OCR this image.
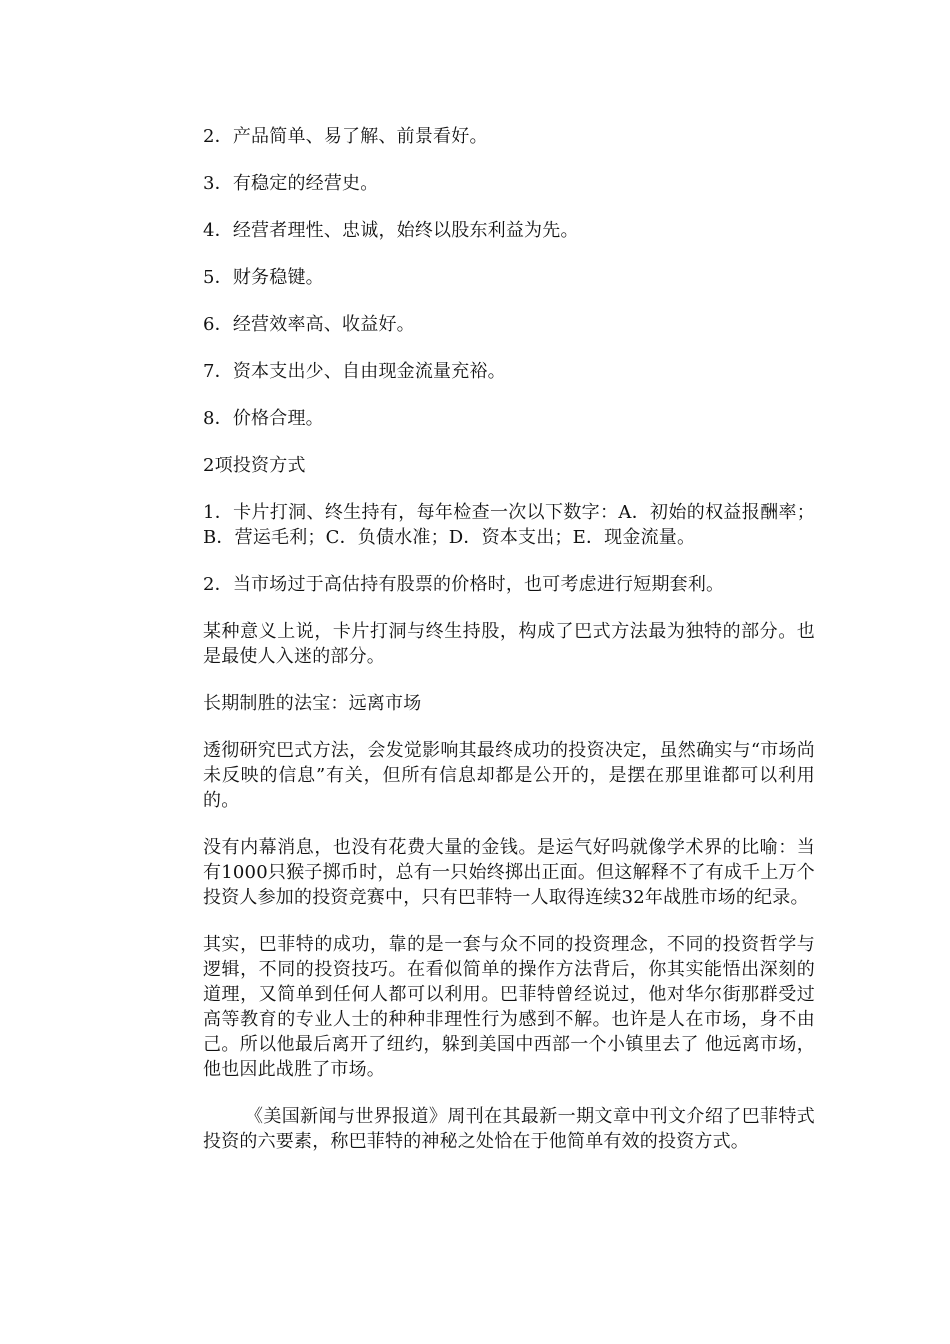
2．产品简单、易了解、前景看好。

3．有稳定的经营史。

4．经营者理性、忠诚，始终以股东利益为先。

5．财务稳键。

6．经营效率高、收益好。

7．资本支出少、自由现金流量充裕。

8．价格合理。

2项投资方式

1．卡片打洞、终生持有，每年检查一次以下数字：A．初始的权益报酬率；B．营运毛利；C．负债水准；D．资本支出；E．现金流量。

2．当市场过于高估持有股票的价格时，也可考虑进行短期套利。

某种意义上说，卡片打洞与终生持股，构成了巴式方法最为独特的部分。也是最使人入迷的部分。

长期制胜的法宝：远离市场

透彻研究巴式方法，会发觉影响其最终成功的投资决定，虽然确实与“市场尚未反映的信息”有关，但所有信息却都是公开的，是摆在那里谁都可以利用的。

没有内幕消息，也没有花费大量的金钱。是运气好吗就像学术界的比喻：当有1000只猴子掷币时，总有一只始终掷出正面。但这解释不了有成千上万个投资人参加的投资竞赛中，只有巴菲特一人取得连续32年战胜市场的纪录。

其实，巴菲特的成功，靠的是一套与众不同的投资理念，不同的投资哲学与逻辑，不同的投资技巧。在看似简单的操作方法背后，你其实能悟出深刻的道理，又简单到任何人都可以利用。巴菲特曾经说过，他对华尔街那群受过高等教育的专业人士的种种非理性行为感到不解。也许是人在市场，身不由己。所以他最后离开了纽约，躲到美国中西部一个小镇里去了 他远离市场，他也因此战胜了市场。

《美国新闻与世界报道》周刊在其最新一期文章中刊文介绍了巴菲特式投资的六要素，称巴菲特的神秘之处恰在于他简单有效的投资方式。
